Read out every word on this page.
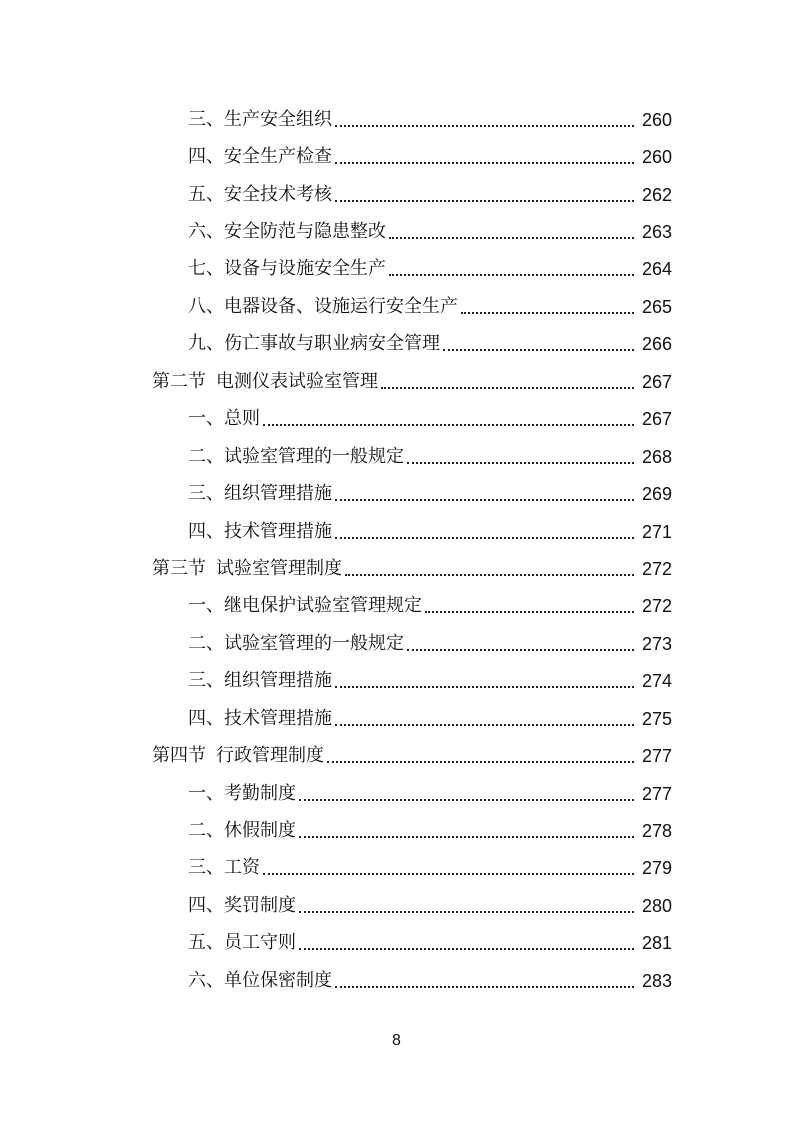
三、 生产安全组织	260
四、 安全生产检查	260
五、 安全技术考核	262
六、 安全防范与隐患整改	263
七、 设备与设施安全生产	264
八、 电器设备、设施运行安全生产	265
九、 伤亡事故与职业病安全管理	266
第二节 电测仪表试验室管理	267
一、 总则	267
二、 试验室管理的一般规定	268
三、 组织管理措施	269
四、 技术管理措施	271
第三节 试验室管理制度	272
一、 继电保护试验室管理规定	272
二、 试验室管理的一般规定	273
三、 组织管理措施	274
四、 技术管理措施	275
第四节 行政管理制度	277
一、 考勤制度	277
二、 休假制度	278
三、 工资	279
四、 奖罚制度	280
五、 员工守则	281
六、 单位保密制度	283
8
